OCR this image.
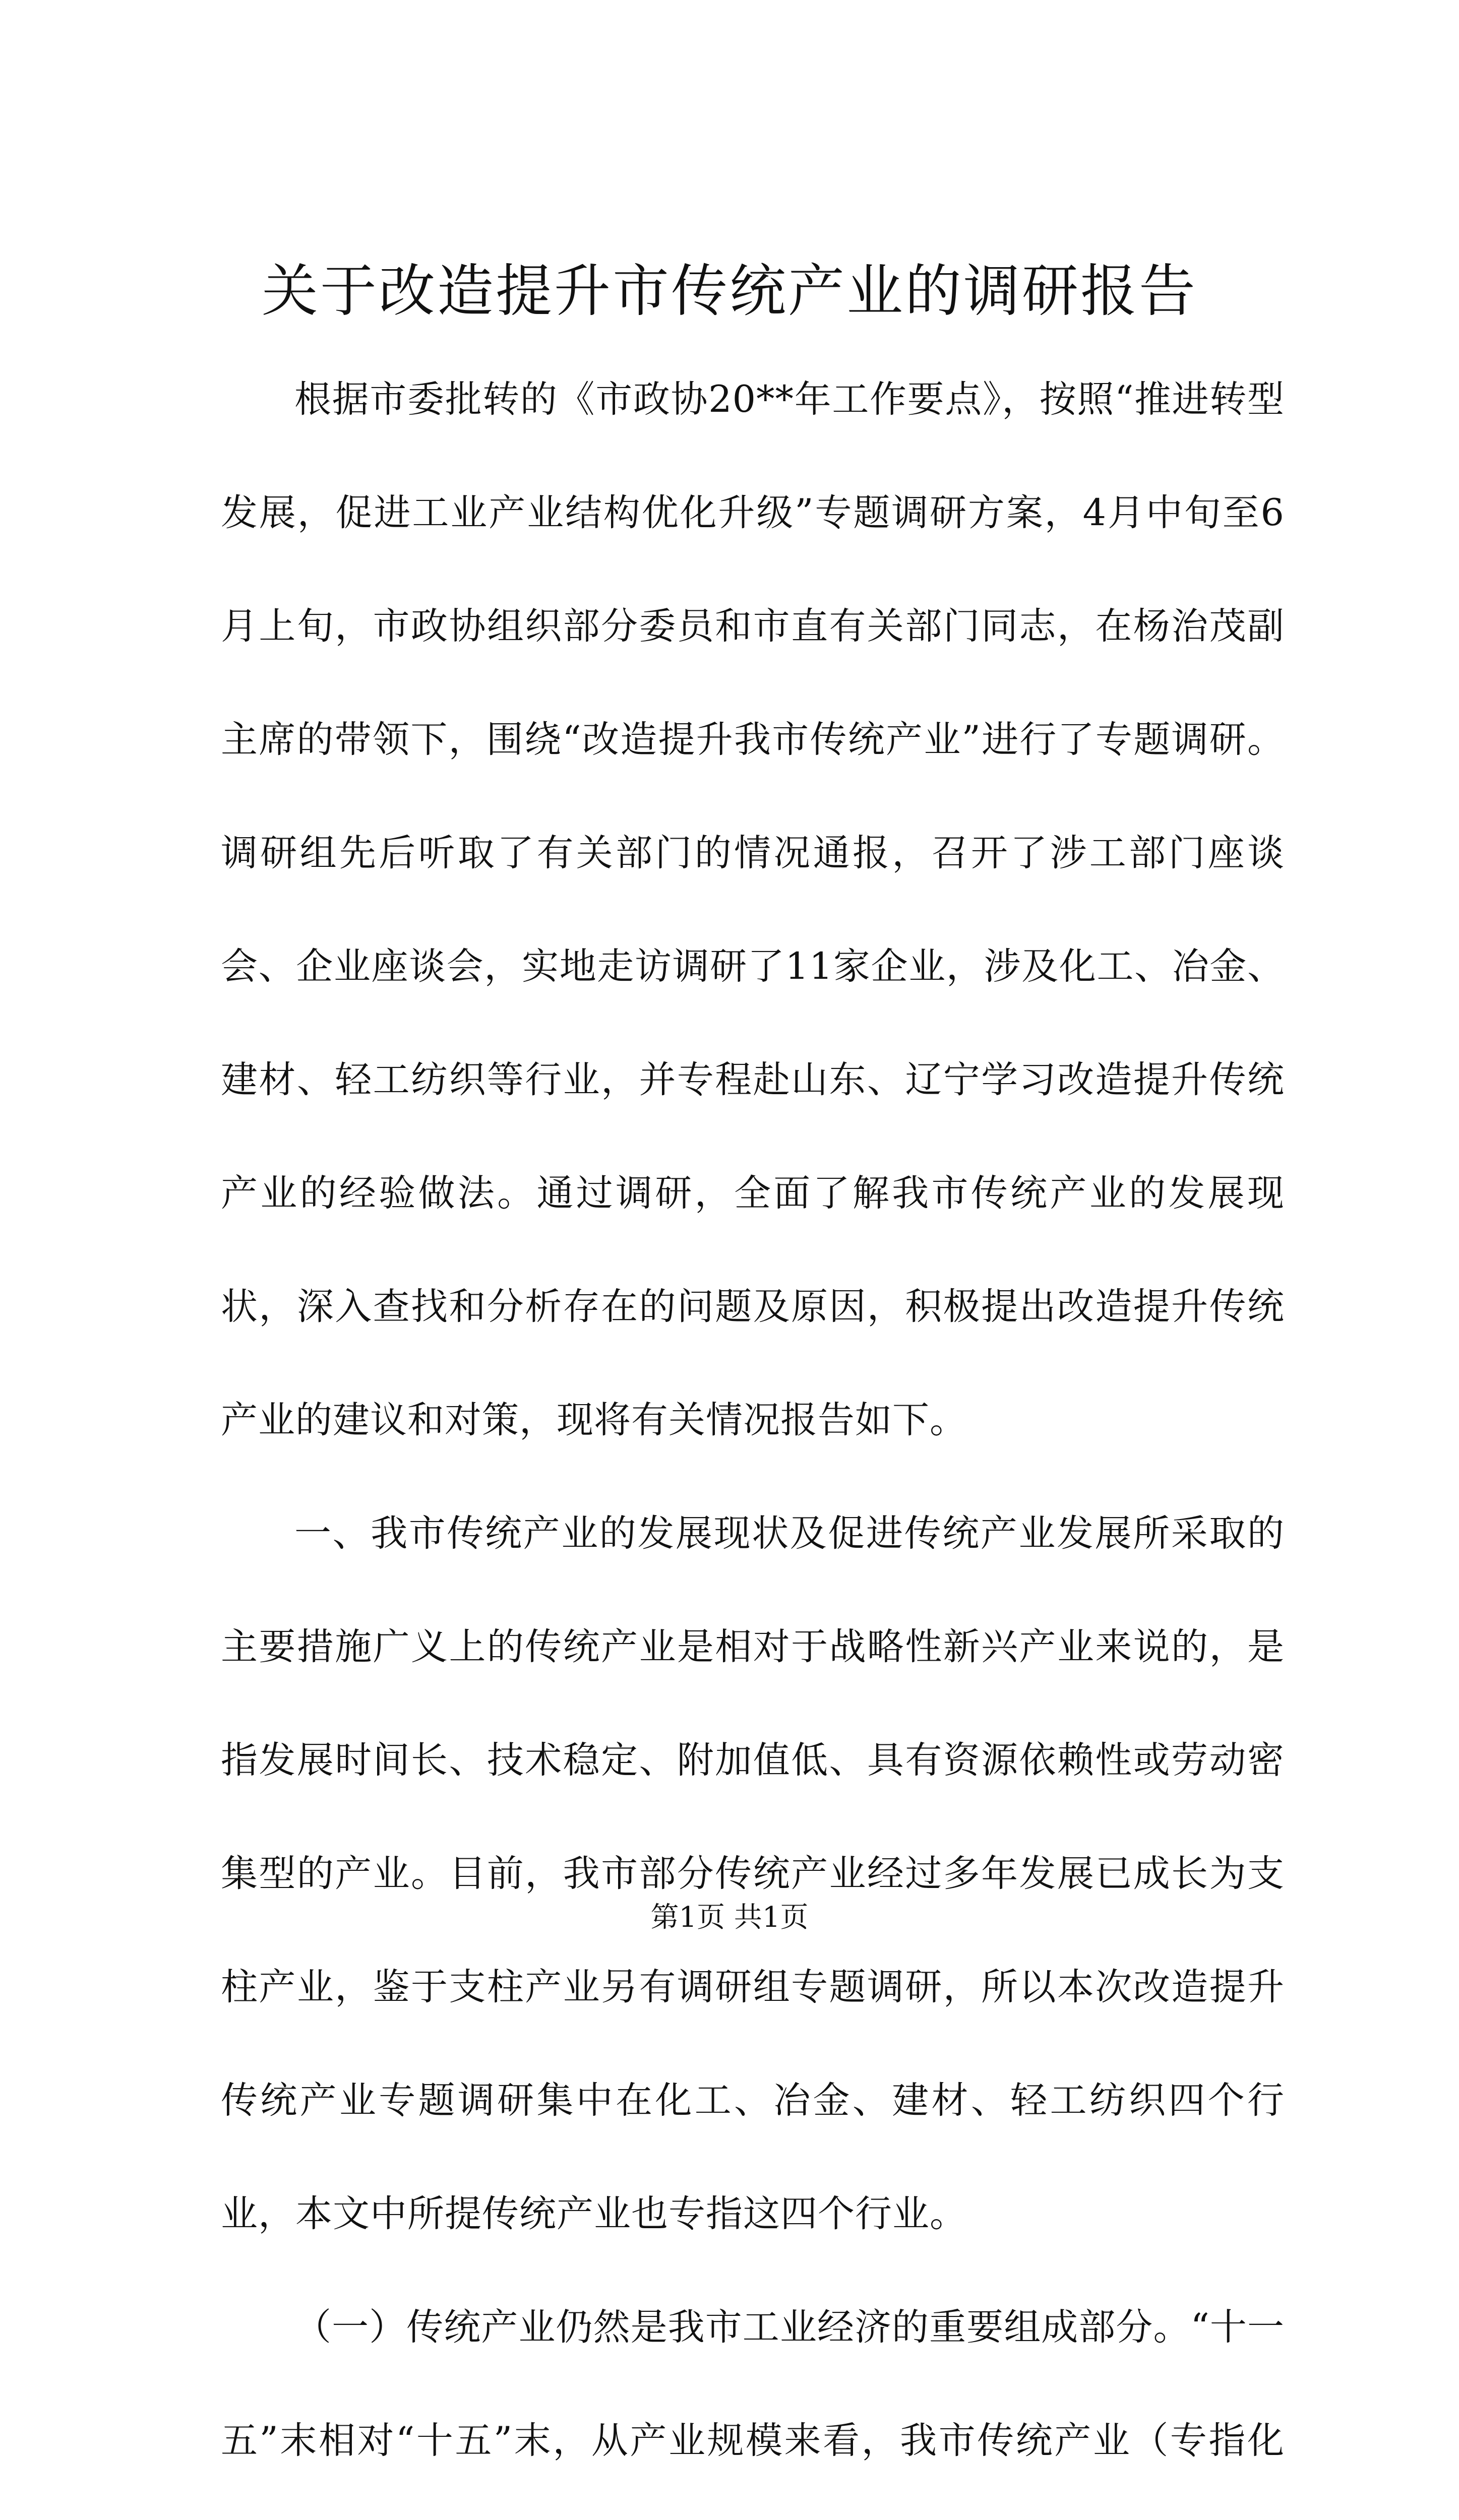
关于改造提升市传统产业的调研报告

根据市委批转的《市政协20**年工作要点》，按照“推进转型发展，促进工业产业结构优化升级”专题调研方案，4月中旬至6月上旬，市政协组织部分委员和市直有关部门同志，在杨治茂副主席的带领下，围绕“改造提升我市传统产业”进行了专题调研。调研组先后听取了有关部门的情况通报，召开了涉工部门座谈会、企业座谈会，实地走访调研了11家企业，涉及化工、冶金、建材、轻工纺织等行业，并专程赴山东、辽宁学习改造提升传统产业的经验做法。通过调研，全面了解我市传统产业的发展现状，深入查找和分析存在的问题及原因，积极提出改造提升传统产业的建议和对策，现将有关情况报告如下。

一、我市传统产业的发展现状及促进传统产业发展所采取的主要措施广义上的传统产业是相对于战略性新兴产业来说的，是指发展时间长、技术稳定、附加值低、具有资源依赖性或劳动密集型的产业。目前，我市部分传统产业经过多年发展已成长为支柱产业，鉴于支柱产业另有调研组专题调研，所以本次改造提升传统产业专题调研集中在化工、冶金、建材、轻工纺织四个行业，本文中所提传统产业也专指这四个行业。

（一）传统产业仍然是我市工业经济的重要组成部分。“十一五”末相对“十五”末，从产业规模来看，我市传统产业（专指化

第1页 共1页
